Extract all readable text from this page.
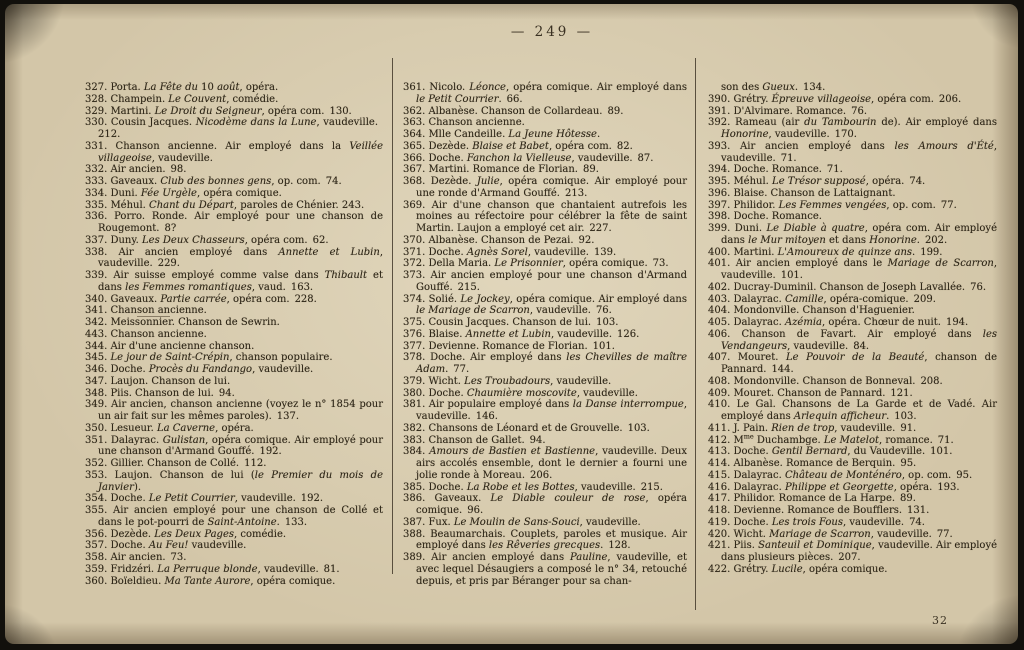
— 249 —

327. Porta. La Fête du 10 août, opéra.

328. Champein. Le Couvent, comédie.

329. Martini. Le Droit du Seigneur, opéra com. 130.

330. Cousin Jacques. Nicodème dans la Lune, vaudeville. 212.

331. Chanson ancienne. Air employé dans la Veillée villageoise, vaudeville.

332. Air ancien. 98.

333. Gaveaux. Club des bonnes gens, op. com. 74.

334. Duni. Fée Urgèle, opéra comique.

335. Méhul. Chant du Départ, paroles de Chénier. 243.

336. Porro. Ronde. Air employé pour une chanson de Rougemont. 8?

337. Duny. Les Deux Chasseurs, opéra com. 62.

338. Air ancien employé dans Annette et Lubin, vaudeville. 229.

339. Air suisse employé comme valse dans Thibault et dans les Femmes romantiques, vaud. 163.

340. Gaveaux. Partie carrée, opéra com. 228.

341. Chanson ancienne.

342. Meissonnier. Chanson de Sewrin.

443. Chanson ancienne.

344. Air d'une ancienne chanson.

345. Le jour de Saint-Crépin, chanson populaire.

346. Doche. Procès du Fandango, vaudeville.

347. Laujon. Chanson de lui.

348. Piis. Chanson de lui. 94.

349. Air ancien, chanson ancienne (voyez le n° 1854 pour un air fait sur les mêmes paroles). 137.

350. Lesueur. La Caverne, opéra.

351. Dalayrac. Gulistan, opéra comique. Air employé pour une chanson d'Armand Gouffé. 192.

352. Gillier. Chanson de Collé. 112.

353. Laujon. Chanson de lui (le Premier du mois de Janvier).

354. Doche. Le Petit Courrier, vaudeville. 192.

355. Air ancien employé pour une chanson de Collé et dans le pot-pourri de Saint-Antoine. 133.

356. Dezède. Les Deux Pages, comédie.

357. Doche. Au Feu! vaudeville.

358. Air ancien. 73.

359. Fridzéri. La Perruque blonde, vaudeville. 81.

360. Boïeldieu. Ma Tante Aurore, opéra comique.

361. Nicolo. Léonce, opéra comique. Air employé dans le Petit Courrier. 66.

362. Albanèse. Chanson de Collardeau. 89.

363. Chanson ancienne.

364. Mlle Candeille. La Jeune Hôtesse.

365. Dezède. Blaise et Babet, opéra com. 82.

366. Doche. Fanchon la Vielleuse, vaudeville. 87.

367. Martini. Romance de Florian. 89.

368. Dezède. Julie, opéra comique. Air employé pour une ronde d'Armand Gouffé. 213.

369. Air d'une chanson que chantaient autrefois les moines au réfectoire pour célébrer la fête de saint Martin. Laujon a employé cet air. 227.

370. Albanèse. Chanson de Pezai. 92.

371. Doche. Agnès Sorel, vaudeville. 139.

372. Della Maria. Le Prisonnier, opéra comique. 73.

373. Air ancien employé pour une chanson d'Armand Gouffé. 215.

374. Solié. Le Jockey, opéra comique. Air employé dans le Mariage de Scarron, vaudeville. 76.

375. Cousin Jacques. Chanson de lui. 103.

376. Blaise. Annette et Lubin, vaudeville. 126.

377. Devienne. Romance de Florian. 101.

378. Doche. Air employé dans les Chevilles de maître Adam. 77.

379. Wicht. Les Troubadours, vaudeville.

380. Doche. Chaumière moscovite, vaudeville.

381. Air populaire employé dans la Danse interrompue, vaudeville. 146.

382. Chansons de Léonard et de Grouvelle. 103.

383. Chanson de Gallet. 94.

384. Amours de Bastien et Bastienne, vaudeville. Deux airs accolés ensemble, dont le dernier a fourni une jolie ronde à Moreau. 206.

385. Doche. La Robe et les Bottes, vaudeville. 215.

386. Gaveaux. Le Diable couleur de rose, opéra comique. 96.

387. Fux. Le Moulin de Sans-Souci, vaudeville.

388. Beaumarchais. Couplets, paroles et musique. Air employé dans les Rêveries grecques. 128.

389. Air ancien employé dans Pauline, vaudeville, et avec lequel Désaugiers a composé le n° 34, retouché depuis, et pris par Béranger pour sa chan-

son des Gueux. 134.

390. Grétry. Épreuve villageoise, opéra com. 206.

391. D'Alvimare. Romance. 76.

392. Rameau (air du Tambourin de). Air employé dans Honorine, vaudeville. 170.

393. Air ancien employé dans les Amours d'Été, vaudeville. 71.

394. Doche. Romance. 71.

395. Méhul. Le Trésor supposé, opéra. 74.

396. Blaise. Chanson de Lattaignant.

397. Philidor. Les Femmes vengées, op. com. 77.

398. Doche. Romance.

399. Duni. Le Diable à quatre, opéra com. Air employé dans le Mur mitoyen et dans Honorine. 202.

400. Martini. L'Amoureux de quinze ans. 199.

401. Air ancien employé dans le Mariage de Scarron, vaudeville. 101.

402. Ducray-Duminil. Chanson de Joseph Lavallée. 76.

403. Dalayrac. Camille, opéra-comique. 209.

404. Mondonville. Chanson d'Haguenier.

405. Dalayrac. Azémia, opéra. Chœur de nuit. 194.

406. Chanson de Favart. Air employé dans les Vendangeurs, vaudeville. 84.

407. Mouret. Le Pouvoir de la Beauté, chanson de Pannard. 144.

408. Mondonville. Chanson de Bonneval. 208.

409. Mouret. Chanson de Pannard. 121.

410. Le Gal. Chansons de La Garde et de Vadé. Air employé dans Arlequin afficheur. 103.

411. J. Pain. Rien de trop, vaudeville. 91.

412. $M^{me}$ Duchambge. Le Matelot, romance. 71.

413. Doche. Gentil Bernard, du Vaudeville. 101.

414. Albanèse. Romance de Berquin. 95.

415. Dalayrac. Château de Monténéro, op. com. 95.

416. Dalayrac. Philippe et Georgette, opéra. 193.

417. Philidor. Romance de La Harpe. 89.

418. Devienne. Romance de Boufflers. 131.

419. Doche. Les trois Fous, vaudeville. 74.

420. Wicht. Mariage de Scarron, vaudeville. 77.

421. Piis. Santeuil et Dominique, vaudeville. Air employé dans plusieurs pièces. 207.

422. Grétry. Lucile, opéra comique.

32
